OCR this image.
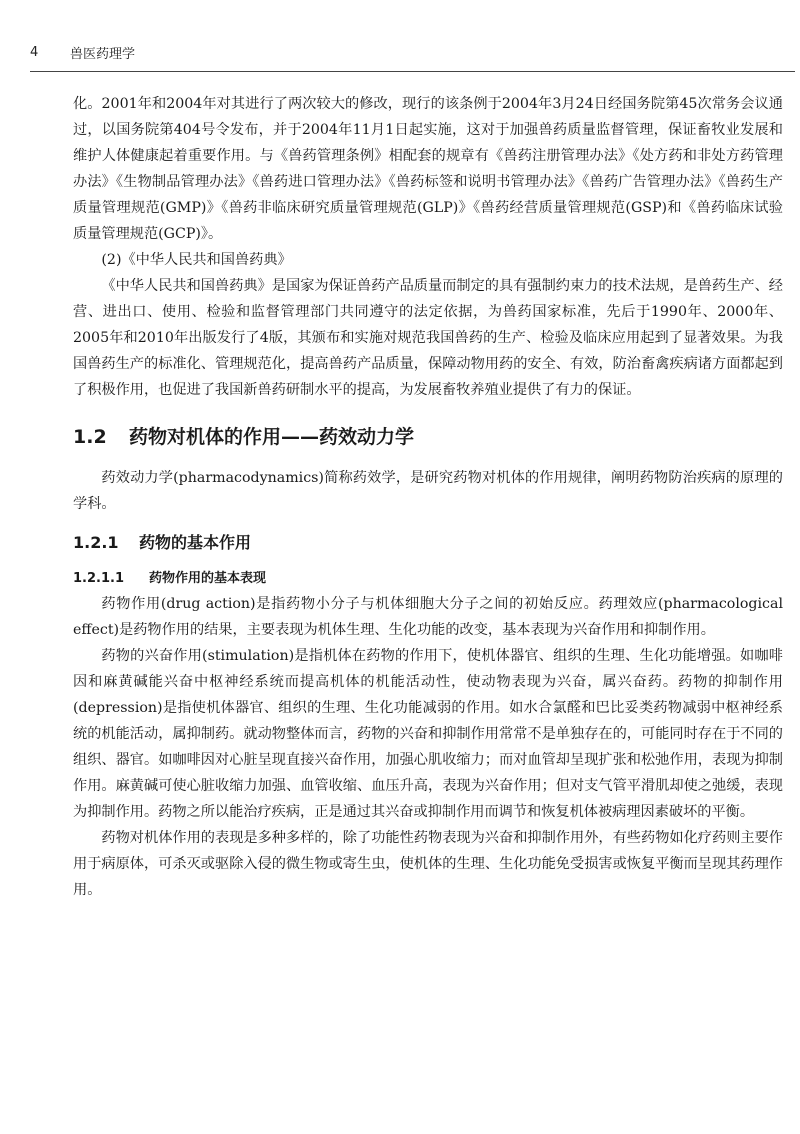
4	兽医药理学

化。2001年和2004年对其进行了两次较大的修改，现行的该条例于2004年3月24日经国务院第45次常务会议通过，以国务院第404号令发布，并于2004年11月1日起实施，这对于加强兽药质量监督管理，保证畜牧业发展和维护人体健康起着重要作用。与《兽药管理条例》相配套的规章有《兽药注册管理办法》《处方药和非处方药管理办法》《生物制品管理办法》《兽药进口管理办法》《兽药标签和说明书管理办法》《兽药广告管理办法》《兽药生产质量管理规范(GMP)》《兽药非临床研究质量管理规范(GLP)》《兽药经营质量管理规范(GSP)和《兽药临床试验质量管理规范(GCP)》。

(2)《中华人民共和国兽药典》

《中华人民共和国兽药典》是国家为保证兽药产品质量而制定的具有强制约束力的技术法规，是兽药生产、经营、进出口、使用、检验和监督管理部门共同遵守的法定依据，为兽药国家标准，先后于1990年、2000年、2005年和2010年出版发行了4版，其颁布和实施对规范我国兽药的生产、检验及临床应用起到了显著效果。为我国兽药生产的标准化、管理规范化，提高兽药产品质量，保障动物用药的安全、有效，防治畜禽疾病诸方面都起到了积极作用，也促进了我国新兽药研制水平的提高，为发展畜牧养殖业提供了有力的保证。

1.2	药物对机体的作用——药效动力学

药效动力学(pharmacodynamics)简称药效学，是研究药物对机体的作用规律，阐明药物防治疾病的原理的学科。

1.2.1	药物的基本作用
1.2.1.1	药物作用的基本表现

药物作用(drug action)是指药物小分子与机体细胞大分子之间的初始反应。药理效应(pharmacological effect)是药物作用的结果，主要表现为机体生理、生化功能的改变，基本表现为兴奋作用和抑制作用。

药物的兴奋作用(stimulation)是指机体在药物的作用下，使机体器官、组织的生理、生化功能增强。如咖啡因和麻黄碱能兴奋中枢神经系统而提高机体的机能活动性，使动物表现为兴奋，属兴奋药。药物的抑制作用(depression)是指使机体器官、组织的生理、生化功能减弱的作用。如水合氯醛和巴比妥类药物减弱中枢神经系统的机能活动，属抑制药。就动物整体而言，药物的兴奋和抑制作用常常不是单独存在的，可能同时存在于不同的组织、器官。如咖啡因对心脏呈现直接兴奋作用，加强心肌收缩力；而对血管却呈现扩张和松弛作用，表现为抑制作用。麻黄碱可使心脏收缩力加强、血管收缩、血压升高，表现为兴奋作用；但对支气管平滑肌却使之弛缓，表现为抑制作用。药物之所以能治疗疾病，正是通过其兴奋或抑制作用而调节和恢复机体被病理因素破坏的平衡。

药物对机体作用的表现是多种多样的，除了功能性药物表现为兴奋和抑制作用外，有些药物如化疗药则主要作用于病原体，可杀灭或驱除入侵的微生物或寄生虫，使机体的生理、生化功能免受损害或恢复平衡而呈现其药理作用。
